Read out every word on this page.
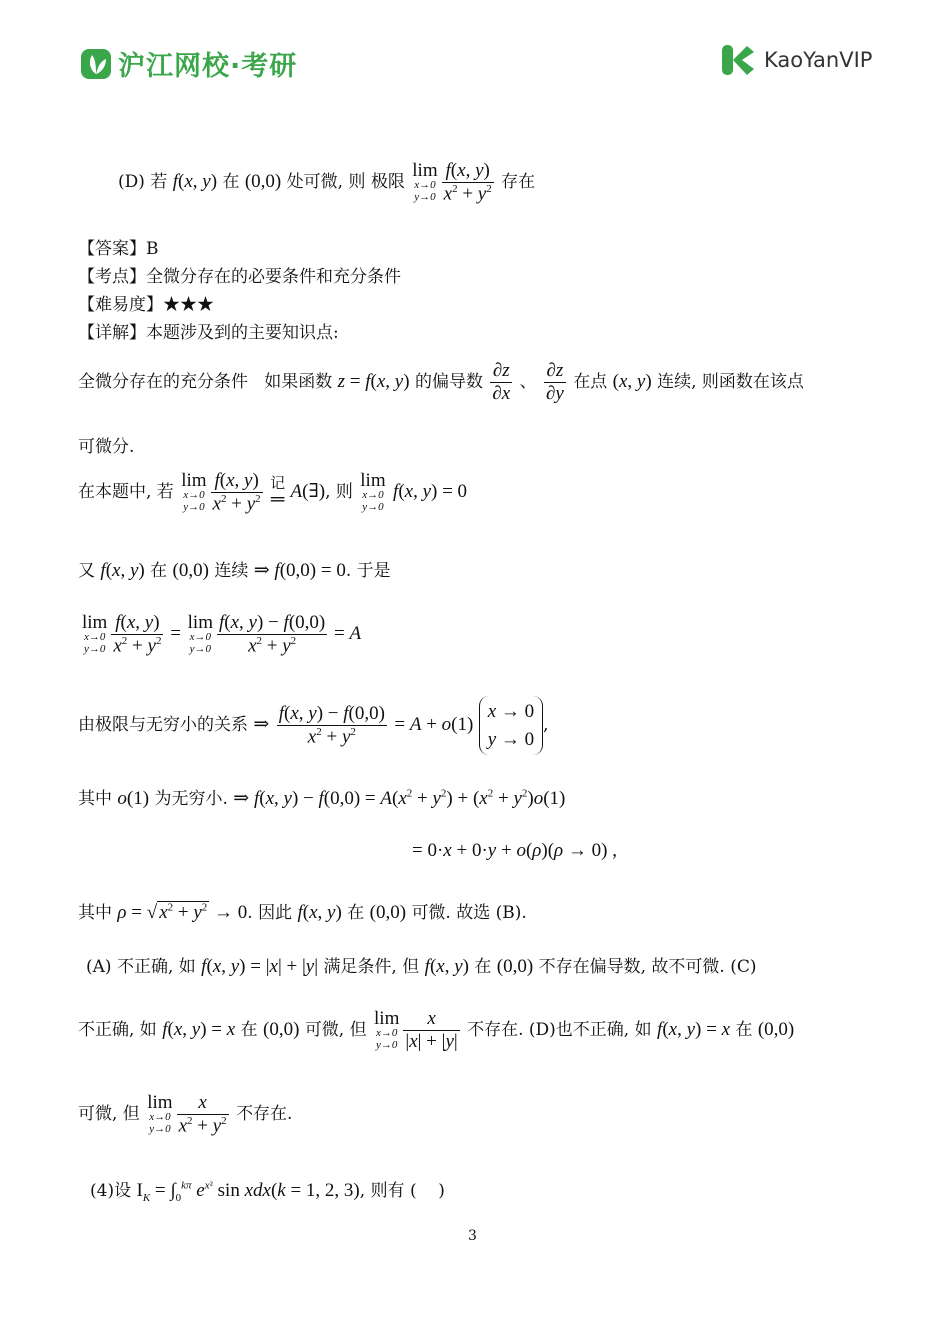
沪江网校·考研	KaoYanVIP
(D) 若 f(x, y) 在 (0,0) 处可微, 则 极限 lim
x→0
$y\to 0 \frac{f(x, y)}{x^2 + y^2}$ 存在
【答案】B
【考点】全微分存在的必要条件和充分条件
【难易度】★★★
【详解】本题涉及到的主要知识点:
全微分存在的充分条件 如果函数 z = f(x, y) 的偏导数 $\frac{\partial z}{\partial x}$ 、 $\frac{\partial z}{\partial y}$ 在点 (x, y) 连续, 则函数在该点
可微分.
在本题中, 若 lim
x→0
$y\to 0 \frac{f(x, y)}{x^2 + y^2}$
记
═ A(∃), 则 lim
x→0
y→0
f(x, y) = 0
又 f(x, y) 在 (0,0) 连续 ⇒ f(0,0) = 0. 于是
lim
x→0
$y\to 0 \frac{f(x, y)}{x^2 + y^2} = \lim$
x→0
$y\to 0 \frac{f(x, y) - f(0,0)}{x^2 + y^2} = A$
由极限与无穷小的关系 ⇒ $\frac{f(x, y) - f(0,0)}{x^2 + y^2} = A + o(1)$
x → 0
y → 0
,
其中 o(1) 为无穷小. ⇒ f(x, $y) - f(0,0) = A(x^2 + y^2) + (x^2 + y^2)o(1)$
= 0·x + 0·y + o(ρ)(ρ → 0) ,
其中 ρ = √ $x^2 + y^2 \to 0$. 因此 f(x, y) 在 (0,0) 可微. 故选 (B).
(A) 不正确, 如 f(x, y) = |x| + |y| 满足条件, 但 f(x, y) 在 (0,0) 不存在偏导数, 故不可微. (C)
不正确, 如 f(x, y) = x 在 (0,0) 可微, 但 lim
x→0
$y\to 0 \frac{x}{|x| + |y|}$ 不存在. (D)也不正确, 如 f(x, y) = x 在 (0,0)
可微, 但 lim
x→0
$y\to 0 \frac{x}{x^2 + y^2}$ 不存在.
(4)设 $I_K = \int_0^{k\pi}$ $e^{x^2}$ sin xdx(k = 1, 2, 3), 则有 ( )
3
